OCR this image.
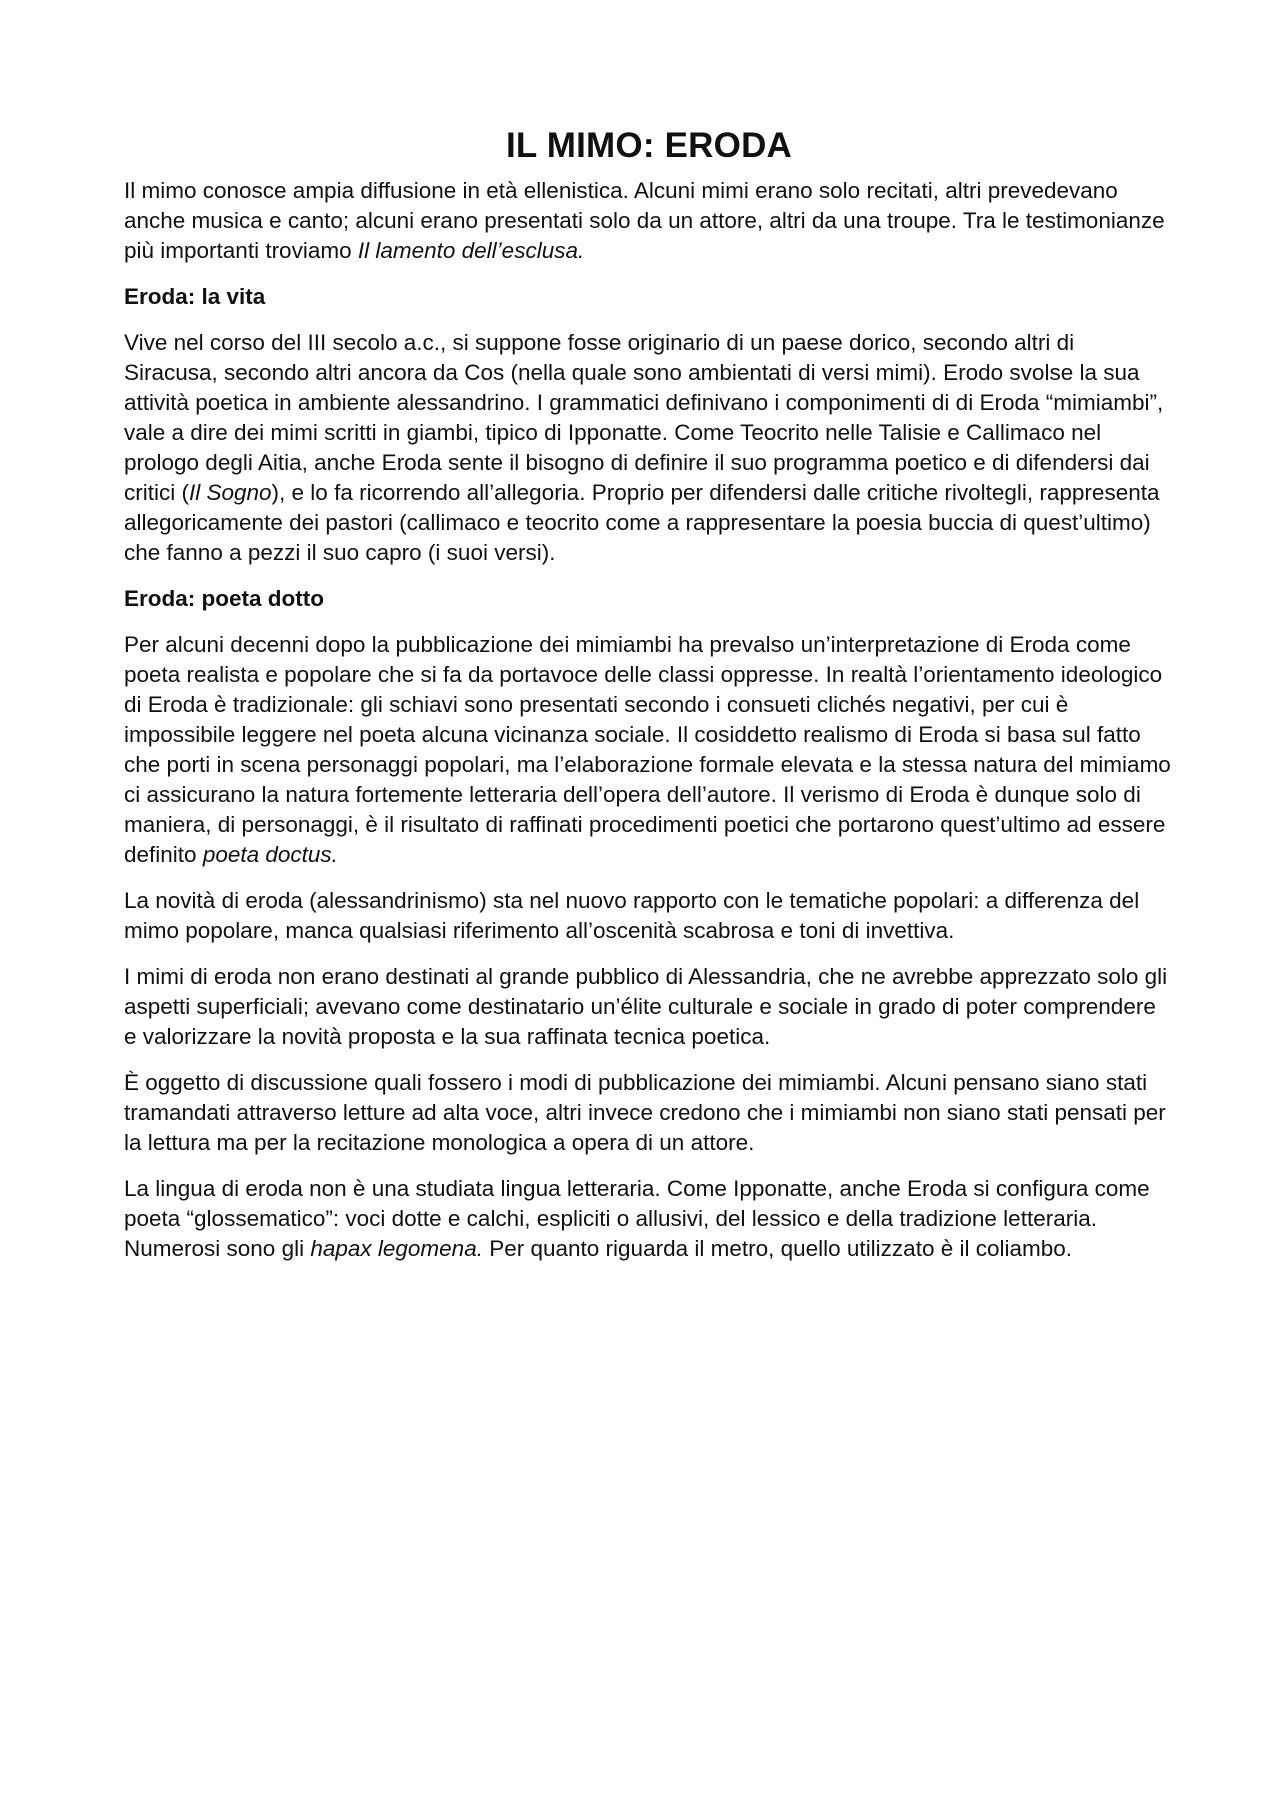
IL MIMO: ERODA

Il mimo conosce ampia diffusione in età ellenistica. Alcuni mimi erano solo recitati, altri prevedevano anche musica e canto; alcuni erano presentati solo da un attore, altri da una troupe. Tra le testimonianze più importanti troviamo Il lamento dell’esclusa.

Eroda: la vita

Vive nel corso del III secolo a.c., si suppone fosse originario di un paese dorico, secondo altri di Siracusa, secondo altri ancora da Cos (nella quale sono ambientati di versi mimi). Erodo svolse la sua attività poetica in ambiente alessandrino. I grammatici definivano i componimenti di di Eroda “mimiambi”, vale a dire dei mimi scritti in giambi, tipico di Ipponatte. Come Teocrito nelle Talisie e Callimaco nel prologo degli Aitia, anche Eroda sente il bisogno di definire il suo programma poetico e di difendersi dai critici (Il Sogno), e lo fa ricorrendo all’allegoria. Proprio per difendersi dalle critiche rivoltegli, rappresenta allegoricamente dei pastori (callimaco e teocrito come a rappresentare la poesia buccia di quest’ultimo) che fanno a pezzi il suo capro (i suoi versi).

Eroda: poeta dotto

Per alcuni decenni dopo la pubblicazione dei mimiambi ha prevalso un’interpretazione di Eroda come poeta realista e popolare che si fa da portavoce delle classi oppresse. In realtà l’orientamento ideologico di Eroda è tradizionale: gli schiavi sono presentati secondo i consueti clichés negativi, per cui è impossibile leggere nel poeta alcuna vicinanza sociale. Il cosiddetto realismo di Eroda si basa sul fatto che porti in scena personaggi popolari, ma l’elaborazione formale elevata e la stessa natura del mimiamo ci assicurano la natura fortemente letteraria dell’opera dell’autore. Il verismo di Eroda è dunque solo di maniera, di personaggi, è il risultato di raffinati procedimenti poetici che portarono quest’ultimo ad essere definito poeta doctus.

La novità di eroda (alessandrinismo) sta nel nuovo rapporto con le tematiche popolari: a differenza del mimo popolare, manca qualsiasi riferimento all’oscenità scabrosa e toni di invettiva.

I mimi di eroda non erano destinati al grande pubblico di Alessandria, che ne avrebbe apprezzato solo gli aspetti superficiali; avevano come destinatario un’élite culturale e sociale in grado di poter comprendere e valorizzare la novità proposta e la sua raffinata tecnica poetica.

È oggetto di discussione quali fossero i modi di pubblicazione dei mimiambi. Alcuni pensano siano stati tramandati attraverso letture ad alta voce, altri invece credono che i mimiambi non siano stati pensati per la lettura ma per la recitazione monologica a opera di un attore.

La lingua di eroda non è una studiata lingua letteraria. Come Ipponatte, anche Eroda si configura come poeta “glossematico”: voci dotte e calchi, espliciti o allusivi, del lessico e della tradizione letteraria. Numerosi sono gli hapax legomena. Per quanto riguarda il metro, quello utilizzato è il coliambo.
